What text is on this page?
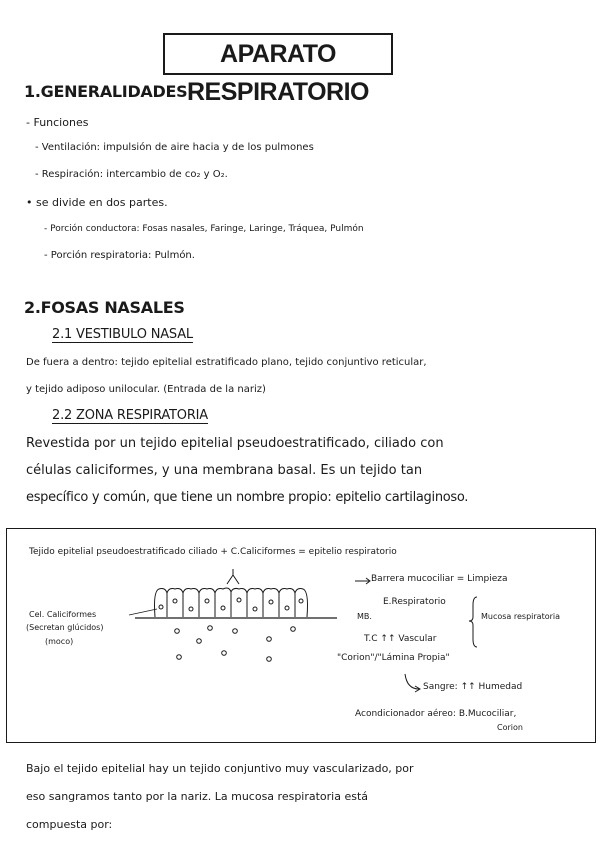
APARATO RESPIRATORIO
1.GENERALIDADES
- Funciones
- Ventilación: impulsión de aire hacia y de los pulmones
- Respiración: intercambio de co₂ y O₂.
• se divide en dos partes.
- Porción conductora: Fosas nasales, Faringe, Laringe, Tráquea, Pulmón
- Porción respiratoria: Pulmón.
2.FOSAS NASALES
2.1 VESTIBULO NASAL
De fuera a dentro: tejido epitelial estratificado plano, tejido conjuntivo reticular,
y tejido adiposo unilocular. (Entrada de la nariz)
2.2 ZONA RESPIRATORIA
Revestida por un tejido epitelial pseudoestratificado, ciliado con
células caliciformes, y una membrana basal. Es un tejido tan
específico y común, que tiene un nombre propio: epitelio cartilaginoso.
Tejido epitelial pseudoestratificado ciliado + C.Caliciformes = epitelio respiratorio
Barrera mucociliar = Limpieza
Cel. Caliciformes
(Secretan glúcidos)
(moco)
MB.
E.Respiratorio
Mucosa respiratoria
T.C ↑↑ Vascular
"Corion"/"Lámina Propia"
Sangre: ↑↑ Humedad
Acondicionador aéreo: B.Mucociliar,
Corion
Bajo el tejido epitelial hay un tejido conjuntivo muy vascularizado, por
eso sangramos tanto por la nariz. La mucosa respiratoria está
compuesta por:
